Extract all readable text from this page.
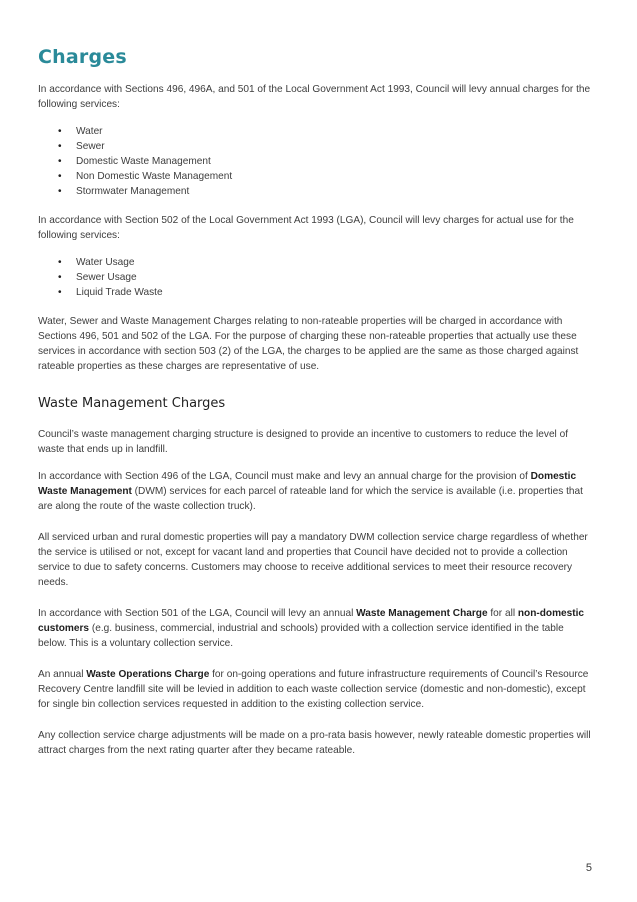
Charges

In accordance with Sections 496, 496A, and 501 of the Local Government Act 1993, Council will levy annual charges for the following services:

• Water
• Sewer
• Domestic Waste Management
• Non Domestic Waste Management
• Stormwater Management

In accordance with Section 502 of the Local Government Act 1993 (LGA), Council will levy charges for actual use for the following services:

• Water Usage
• Sewer Usage
• Liquid Trade Waste

Water, Sewer and Waste Management Charges relating to non-rateable properties will be charged in accordance with Sections 496, 501 and 502 of the LGA. For the purpose of charging these non-rateable properties that actually use these services in accordance with section 503 (2) of the LGA, the charges to be applied are the same as those charged against rateable properties as these charges are representative of use.

Waste Management Charges

Council’s waste management charging structure is designed to provide an incentive to customers to reduce the level of waste that ends up in landfill.

In accordance with Section 496 of the LGA, Council must make and levy an annual charge for the provision of Domestic Waste Management (DWM) services for each parcel of rateable land for which the service is available (i.e. properties that are along the route of the waste collection truck).

All serviced urban and rural domestic properties will pay a mandatory DWM collection service charge regardless of whether the service is utilised or not, except for vacant land and properties that Council have decided not to provide a collection service to due to safety concerns. Customers may choose to receive additional services to meet their resource recovery needs.

In accordance with Section 501 of the LGA, Council will levy an annual Waste Management Charge for all non-domestic customers (e.g. business, commercial, industrial and schools) provided with a collection service identified in the table below. This is a voluntary collection service.

An annual Waste Operations Charge for on-going operations and future infrastructure requirements of Council’s Resource Recovery Centre landfill site will be levied in addition to each waste collection service (domestic and non-domestic), except for single bin collection services requested in addition to the existing collection service.

Any collection service charge adjustments will be made on a pro-rata basis however, newly rateable domestic properties will attract charges from the next rating quarter after they became rateable.

5
